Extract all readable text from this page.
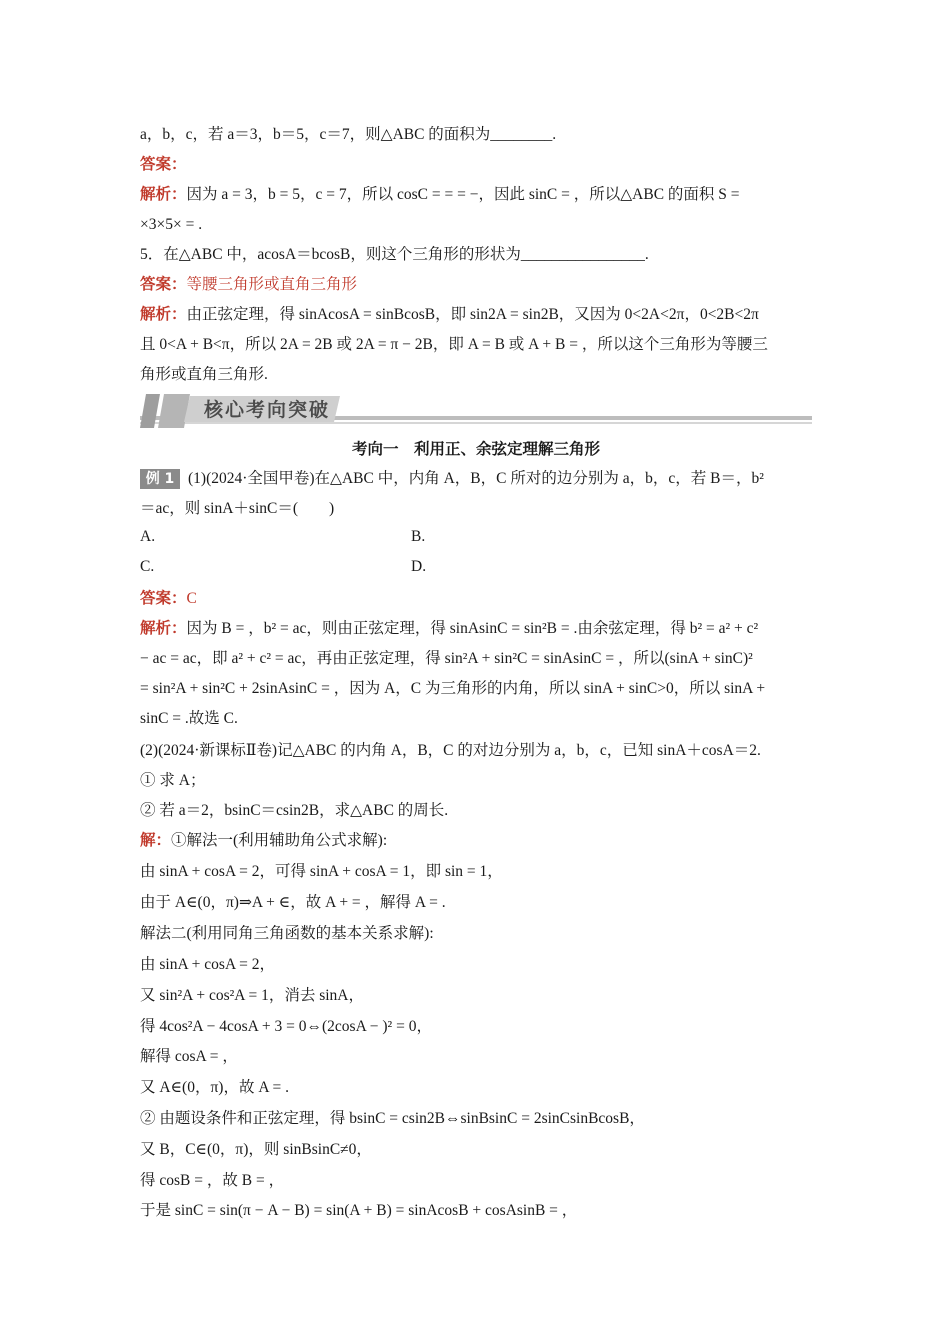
a，b，c，若 a＝3，b＝5，c＝7，则△ABC 的面积为________.
答案：
解析：因为 a = 3，b = 5，c = 7，所以 cosC = = = −，因此 sinC = ，所以△ABC 的面积 S =
×3×5× = .
5．在△ABC 中，acosA＝bcosB，则这个三角形的形状为________________.
答案：等腰三角形或直角三角形
解析：由正弦定理，得 sinAcosA = sinBcosB，即 sin2A = sin2B，又因为 0<2A<2π，0<2B<2π
且 0<A + B<π，所以 2A = 2B 或 2A = π − 2B，即 A = B 或 A + B = ，所以这个三角形为等腰三
角形或直角三角形.
核心考向突破
考向一　利用正、余弦定理解三角形
例 1 (1)(2024·全国甲卷)在△ABC 中，内角 A，B，C 所对的边分别为 a，b，c，若 B＝，b²
＝ac，则 sinA＋sinC＝(　　)
A.	B.
C.	D.
答案：C
解析：因为 B = ，b² = ac，则由正弦定理，得 sinAsinC = sin²B = .由余弦定理，得 b² = a² + c²
− ac = ac，即 a² + c² = ac，再由正弦定理，得 sin²A + sin²C = sinAsinC = ，所以(sinA + sinC)²
= sin²A + sin²C + 2sinAsinC = ，因为 A，C 为三角形的内角，所以 sinA + sinC>0，所以 sinA +
sinC = .故选 C.
(2)(2024·新课标Ⅱ卷)记△ABC 的内角 A，B，C 的对边分别为 a，b，c，已知 sinA＋cosA＝2.
① 求 A；
② 若 a＝2，bsinC＝csin2B，求△ABC 的周长.
解：①解法一(利用辅助角公式求解):
由 sinA + cosA = 2，可得 sinA + cosA = 1，即 sin = 1，
由于 A∈(0，π)⇒A + ∈，故 A + = ，解得 A = .
解法二(利用同角三角函数的基本关系求解):
由 sinA + cosA = 2，
又 sin²A + cos²A = 1，消去 sinA，
得 4cos²A − 4cosA + 3 = 0⇔(2cosA − )² = 0，
解得 cosA = ，
又 A∈(0，π)，故 A = .
② 由题设条件和正弦定理，得 bsinC = csin2B⇔sinBsinC = 2sinCsinBcosB，
又 B，C∈(0，π)，则 sinBsinC≠0，
得 cosB = ，故 B = ，
于是 sinC = sin(π − A − B) = sin(A + B) = sinAcosB + cosAsinB = ，
